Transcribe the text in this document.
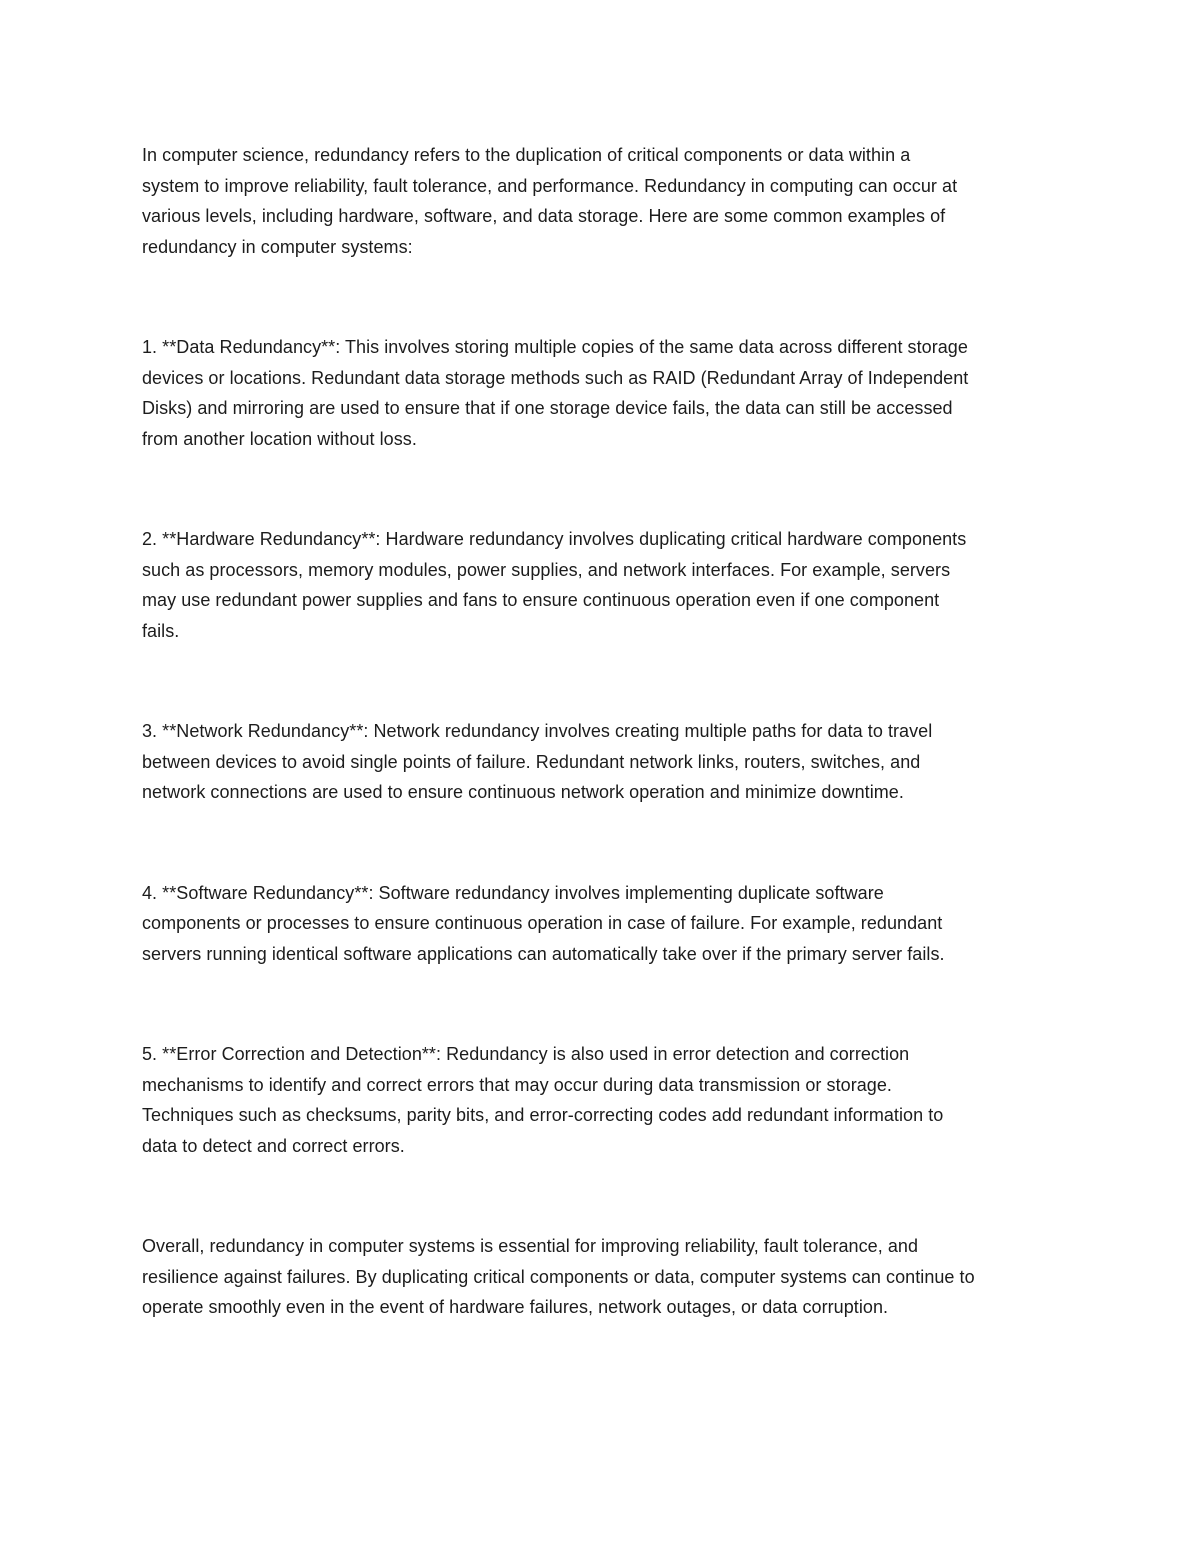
In computer science, redundancy refers to the duplication of critical components or data within a
system to improve reliability, fault tolerance, and performance. Redundancy in computing can occur at
various levels, including hardware, software, and data storage. Here are some common examples of
redundancy in computer systems:

1. **Data Redundancy**: This involves storing multiple copies of the same data across different storage
devices or locations. Redundant data storage methods such as RAID (Redundant Array of Independent
Disks) and mirroring are used to ensure that if one storage device fails, the data can still be accessed
from another location without loss.

2. **Hardware Redundancy**: Hardware redundancy involves duplicating critical hardware components
such as processors, memory modules, power supplies, and network interfaces. For example, servers
may use redundant power supplies and fans to ensure continuous operation even if one component
fails.

3. **Network Redundancy**: Network redundancy involves creating multiple paths for data to travel
between devices to avoid single points of failure. Redundant network links, routers, switches, and
network connections are used to ensure continuous network operation and minimize downtime.

4. **Software Redundancy**: Software redundancy involves implementing duplicate software
components or processes to ensure continuous operation in case of failure. For example, redundant
servers running identical software applications can automatically take over if the primary server fails.

5. **Error Correction and Detection**: Redundancy is also used in error detection and correction
mechanisms to identify and correct errors that may occur during data transmission or storage.
Techniques such as checksums, parity bits, and error-correcting codes add redundant information to
data to detect and correct errors.

Overall, redundancy in computer systems is essential for improving reliability, fault tolerance, and
resilience against failures. By duplicating critical components or data, computer systems can continue to
operate smoothly even in the event of hardware failures, network outages, or data corruption.
